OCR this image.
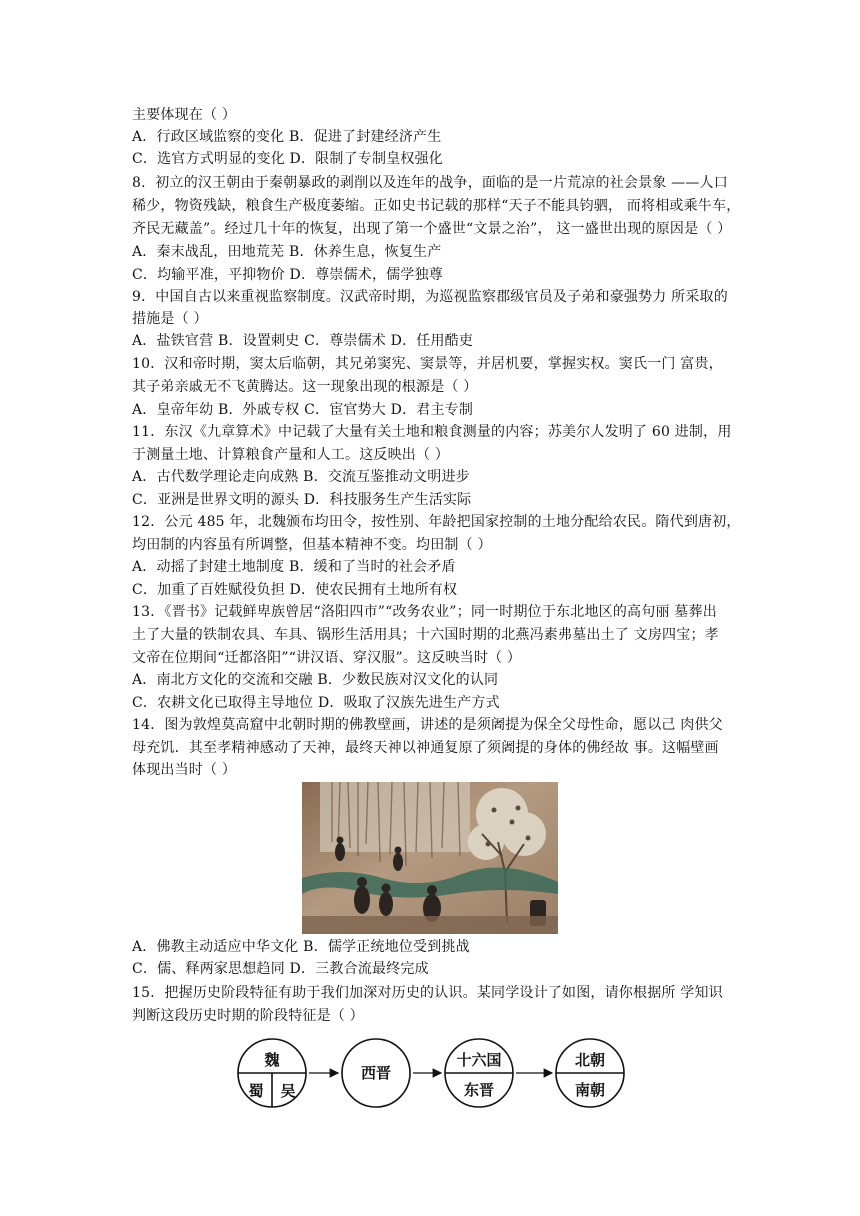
主要体现在（ ）
A．行政区域监察的变化 B．促进了封建经济产生
C．选官方式明显的变化 D．限制了专制皇权强化
8．初立的汉王朝由于秦朝暴政的剥削以及连年的战争，面临的是一片荒凉的社会景象 ——人口
稀少，物资残缺，粮食生产极度萎缩。正如史书记载的那样“天子不能具钧驷， 而将相或乘牛车，
齐民无藏盖”。经过几十年的恢复，出现了第一个盛世“文景之治”， 这一盛世出现的原因是（ ）
A．秦末战乱，田地荒芜 B．休养生息，恢复生产
C．均输平准，平抑物价 D．尊崇儒术，儒学独尊
9．中国自古以来重视监察制度。汉武帝时期，为巡视监察郡级官员及子弟和豪强势力 所采取的
措施是（ ）
A．盐铁官营 B．设置刺史 C．尊崇儒术 D．任用酷吏
10．汉和帝时期，窦太后临朝，其兄弟窦宪、窦景等，并居机要，掌握实权。窦氏一门 富贵，
其子弟亲戚无不飞黄腾达。这一现象出现的根源是（ ）
A．皇帝年幼 B．外戚专权 C．宦官势大 D．君主专制
11．东汉《九章算术》中记载了大量有关土地和粮食测量的内容；苏美尔人发明了 60 进制，用
于测量土地、计算粮食产量和人工。这反映出（ ）
A．古代数学理论走向成熟 B．交流互鉴推动文明进步
C．亚洲是世界文明的源头 D．科技服务生产生活实际
12．公元 485 年，北魏颁布均田令，按性别、年龄把国家控制的土地分配给农民。隋代到唐初，
均田制的内容虽有所调整，但基本精神不变。均田制（ ）
A．动摇了封建土地制度 B．缓和了当时的社会矛盾
C．加重了百姓赋役负担 D．使农民拥有土地所有权
13．《晋书》记载鲜卑族曾居“洛阳四市”“改务农业”；同一时期位于东北地区的高句丽 墓葬出
土了大量的铁制农具、车具、锅形生活用具；十六国时期的北燕冯素弗墓出土了 文房四宝；孝
文帝在位期间“迁都洛阳”“讲汉语、穿汉服”。这反映当时（ ）
A．南北方文化的交流和交融 B．少数民族对汉文化的认同
C．农耕文化已取得主导地位 D．吸取了汉族先进生产方式
14．图为敦煌莫高窟中北朝时期的佛教壁画，讲述的是须阇提为保全父母性命，愿以己 肉供父
母充饥．其至孝精神感动了天神，最终天神以神通复原了须阇提的身体的佛经故 事。这幅壁画
体现出当时（ ）
A．佛教主动适应中华文化 B．儒学正统地位受到挑战
C．儒、释两家思想趋同 D．三教合流最终完成
15．把握历史阶段特征有助于我们加深对历史的认识。某同学设计了如图，请你根据所 学知识
判断这段历史时期的阶段特征是（ ）
魏
蜀 吴
西晋
十六国
东晋
北朝
南朝
